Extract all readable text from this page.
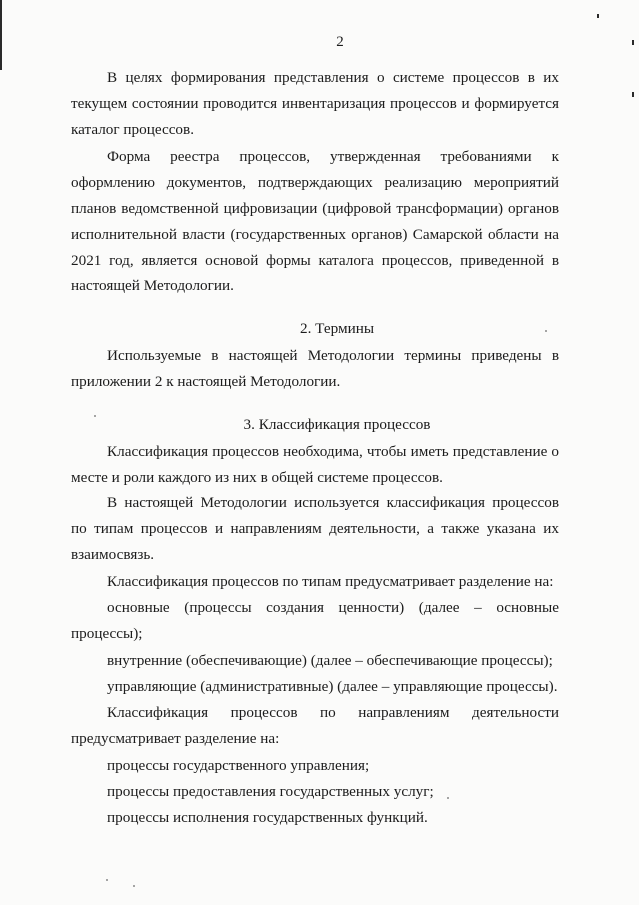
2
В целях формирования представления о системе процессов в их
текущем состоянии проводится инвентаризация процессов и формируется
каталог процессов.
Форма реестра процессов, утвержденная требованиями к
оформлению документов, подтверждающих реализацию мероприятий
планов ведомственной цифровизации (цифровой трансформации) органов
исполнительной власти (государственных органов) Самарской области на
2021 год, является основой формы каталога процессов, приведенной в
настоящей Методологии.
2. Термины
Используемые в настоящей Методологии термины приведены в
приложении 2 к настоящей Методологии.
3. Классификация процессов
Классификация процессов необходима, чтобы иметь представление о
месте и роли каждого из них в общей системе процессов.
В настоящей Методологии используется классификация процессов
по типам процессов и направлениям деятельности, а также указана их
взаимосвязь.
Классификация процессов по типам предусматривает разделение на:
основные (процессы создания ценности) (далее – основные
процессы);
внутренние (обеспечивающие) (далее – обеспечивающие процессы);
управляющие (административные) (далее – управляющие процессы).
Классификация процессов по направлениям деятельности
предусматривает разделение на:
процессы государственного управления;
процессы предоставления государственных услуг;
процессы исполнения государственных функций.
